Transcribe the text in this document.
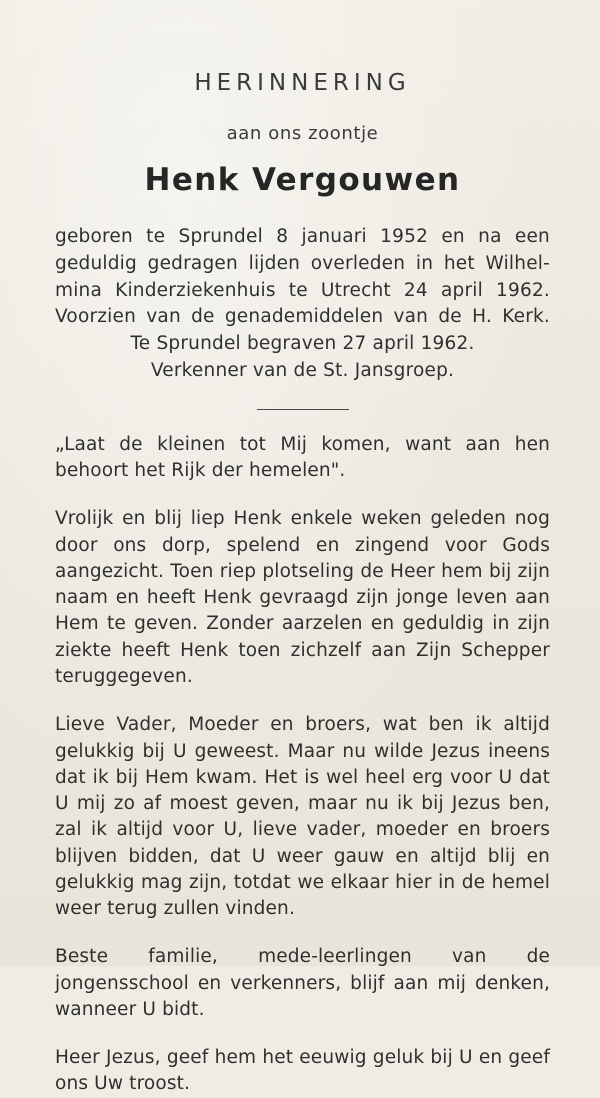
HERINNERING
aan ons zoontje
Henk Vergouwen
geboren te Sprundel 8 januari 1952 en na een
geduldig gedragen lijden overleden in het Wilhel-
mina Kinderziekenhuis te Utrecht 24 april 1962.
Voorzien van de genademiddelen van de H. Kerk.
Te Sprundel begraven 27 april 1962.
Verkenner van de St. Jansgroep.

„Laat de kleinen tot Mij komen, want aan hen behoort het Rijk der hemelen".

Vrolijk en blij liep Henk enkele weken geleden nog door ons dorp, spelend en zingend voor Gods aangezicht. Toen riep plotseling de Heer hem bij zijn naam en heeft Henk gevraagd zijn jonge leven aan Hem te geven. Zonder aarzelen en geduldig in zijn ziekte heeft Henk toen zichzelf aan Zijn Schepper teruggegeven.

Lieve Vader, Moeder en broers, wat ben ik altijd gelukkig bij U geweest. Maar nu wilde Jezus ineens dat ik bij Hem kwam. Het is wel heel erg voor U dat U mij zo af moest geven, maar nu ik bij Jezus ben, zal ik altijd voor U, lieve vader, moeder en broers blijven bidden, dat U weer gauw en altijd blij en gelukkig mag zijn, totdat we elkaar hier in de hemel weer terug zullen vinden.

Beste familie, mede-leerlingen van de jongensschool en verkenners, blijf aan mij denken, wanneer U bidt.

Heer Jezus, geef hem het eeuwig geluk bij U en geef ons Uw troost.
